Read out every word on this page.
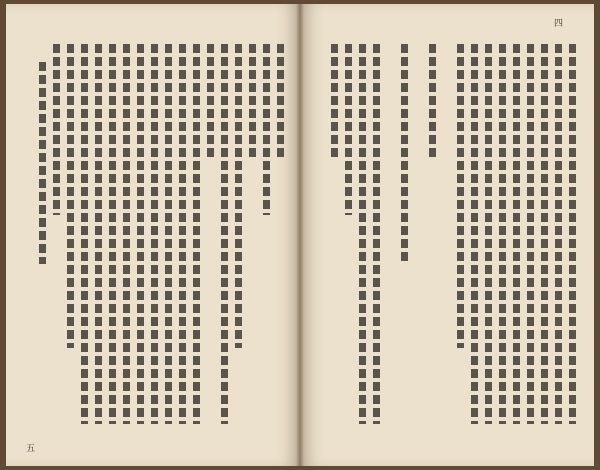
五
四
